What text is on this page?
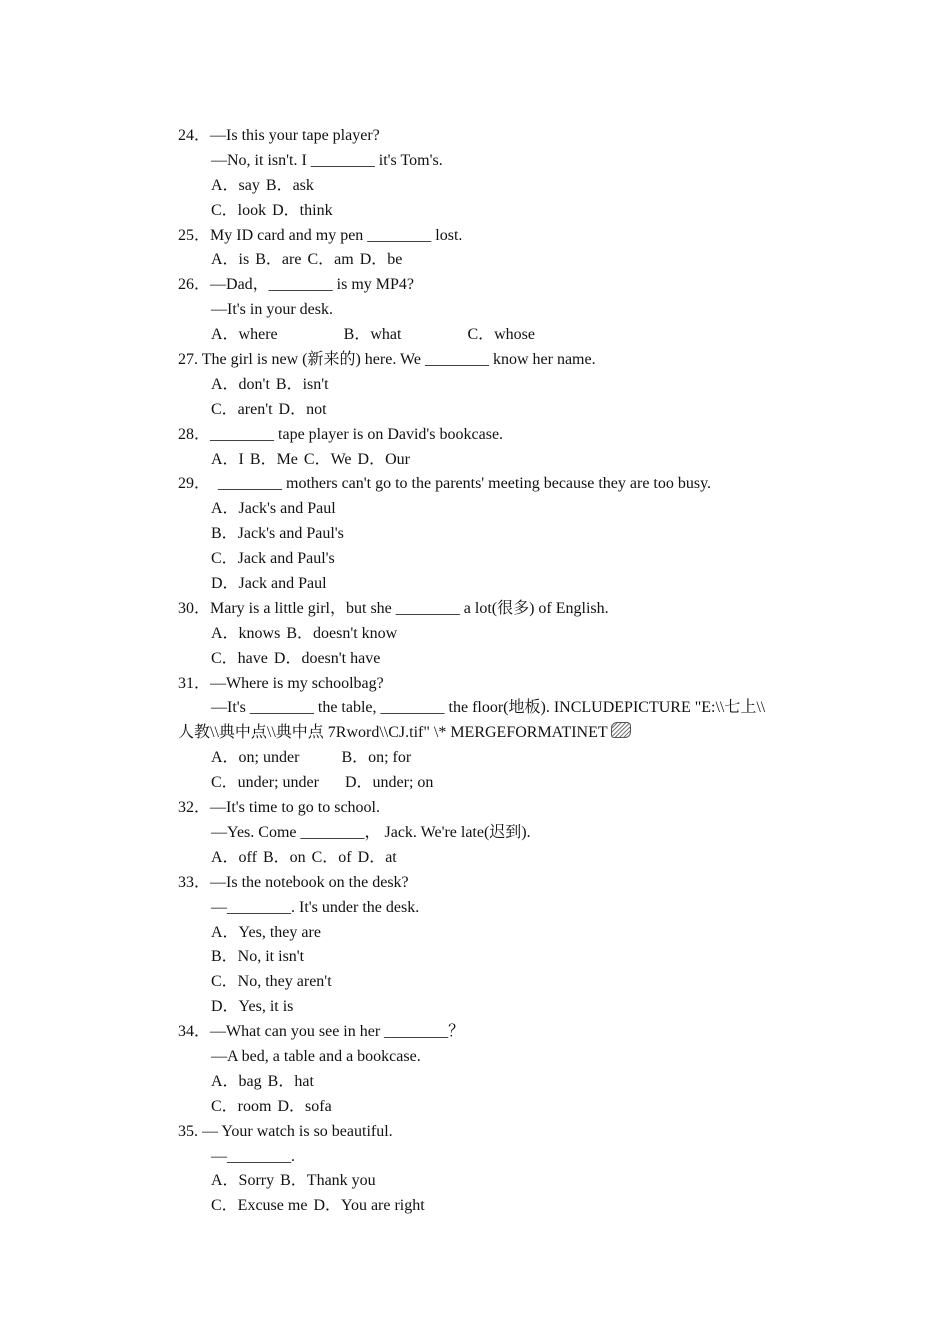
24．—Is this your tape player?
—No, it isn't. I ________ it's Tom's.
A．say B．ask
C．look D．think
25．My ID card and my pen ________ lost.
A．is B．are C．am D．be
26．—Dad，________ is my MP4?
—It's in your desk.
A．where	B．what	C．whose
27. The girl is new (新来的) here. We ________ know her name.
A．don't B．isn't
C．aren't D．not
28．________ tape player is on David's bookcase.
A．I B．Me C．We D．Our
29． ________ mothers can't go to the parents' meeting because they are too busy.
A．Jack's and Paul
B．Jack's and Paul's
C．Jack and Paul's
D．Jack and Paul
30．Mary is a little girl，but she ________ a lot(很多) of English.
A．knows B．doesn't know
C．have D．doesn't have
31．—Where is my schoolbag?
—It's ________ the table, ________ the floor(地板). INCLUDEPICTURE "E:\\七上\\
人教\\典中点\\典中点 7Rword\\CJ.tif" \* MERGEFORMATINET
A．on; under	B．on; for
C．under; under D．under; on
32．—It's time to go to school.
—Yes. Come ________， Jack. We're late(迟到).
A．off B．on C．of D．at
33．—Is the notebook on the desk?
—________. It's under the desk.
A．Yes, they are
B．No, it isn't
C．No, they aren't
D．Yes, it is
34．—What can you see in her ________？
—A bed, a table and a bookcase.
A．bag B．hat
C．room D．sofa
35. — Your watch is so beautiful.
—________.
A．Sorry B．Thank you
C．Excuse me D．You are right
